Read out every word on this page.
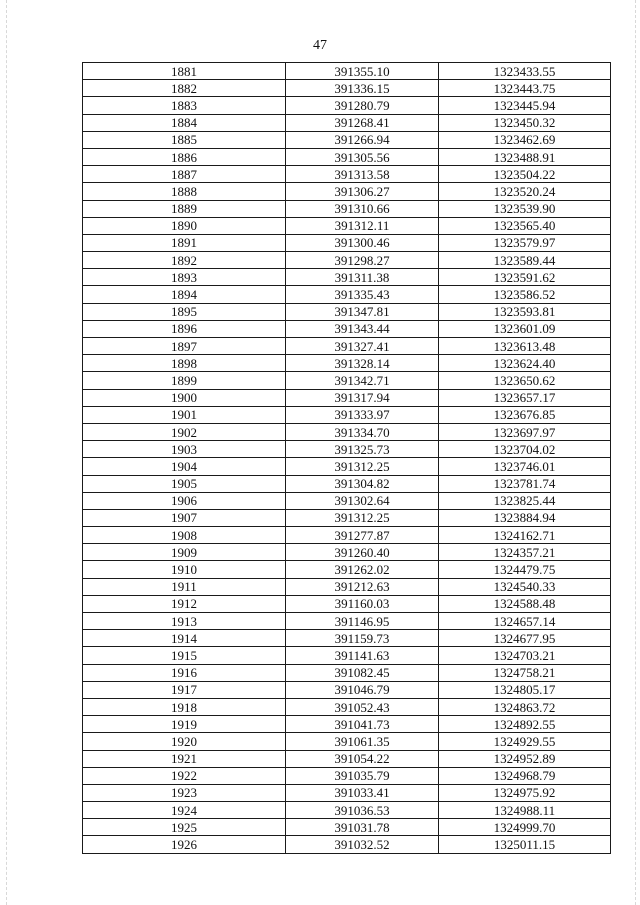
47
1881	391355.10	1323433.55
1882	391336.15	1323443.75
1883	391280.79	1323445.94
1884	391268.41	1323450.32
1885	391266.94	1323462.69
1886	391305.56	1323488.91
1887	391313.58	1323504.22
1888	391306.27	1323520.24
1889	391310.66	1323539.90
1890	391312.11	1323565.40
1891	391300.46	1323579.97
1892	391298.27	1323589.44
1893	391311.38	1323591.62
1894	391335.43	1323586.52
1895	391347.81	1323593.81
1896	391343.44	1323601.09
1897	391327.41	1323613.48
1898	391328.14	1323624.40
1899	391342.71	1323650.62
1900	391317.94	1323657.17
1901	391333.97	1323676.85
1902	391334.70	1323697.97
1903	391325.73	1323704.02
1904	391312.25	1323746.01
1905	391304.82	1323781.74
1906	391302.64	1323825.44
1907	391312.25	1323884.94
1908	391277.87	1324162.71
1909	391260.40	1324357.21
1910	391262.02	1324479.75
1911	391212.63	1324540.33
1912	391160.03	1324588.48
1913	391146.95	1324657.14
1914	391159.73	1324677.95
1915	391141.63	1324703.21
1916	391082.45	1324758.21
1917	391046.79	1324805.17
1918	391052.43	1324863.72
1919	391041.73	1324892.55
1920	391061.35	1324929.55
1921	391054.22	1324952.89
1922	391035.79	1324968.79
1923	391033.41	1324975.92
1924	391036.53	1324988.11
1925	391031.78	1324999.70
1926	391032.52	1325011.15
